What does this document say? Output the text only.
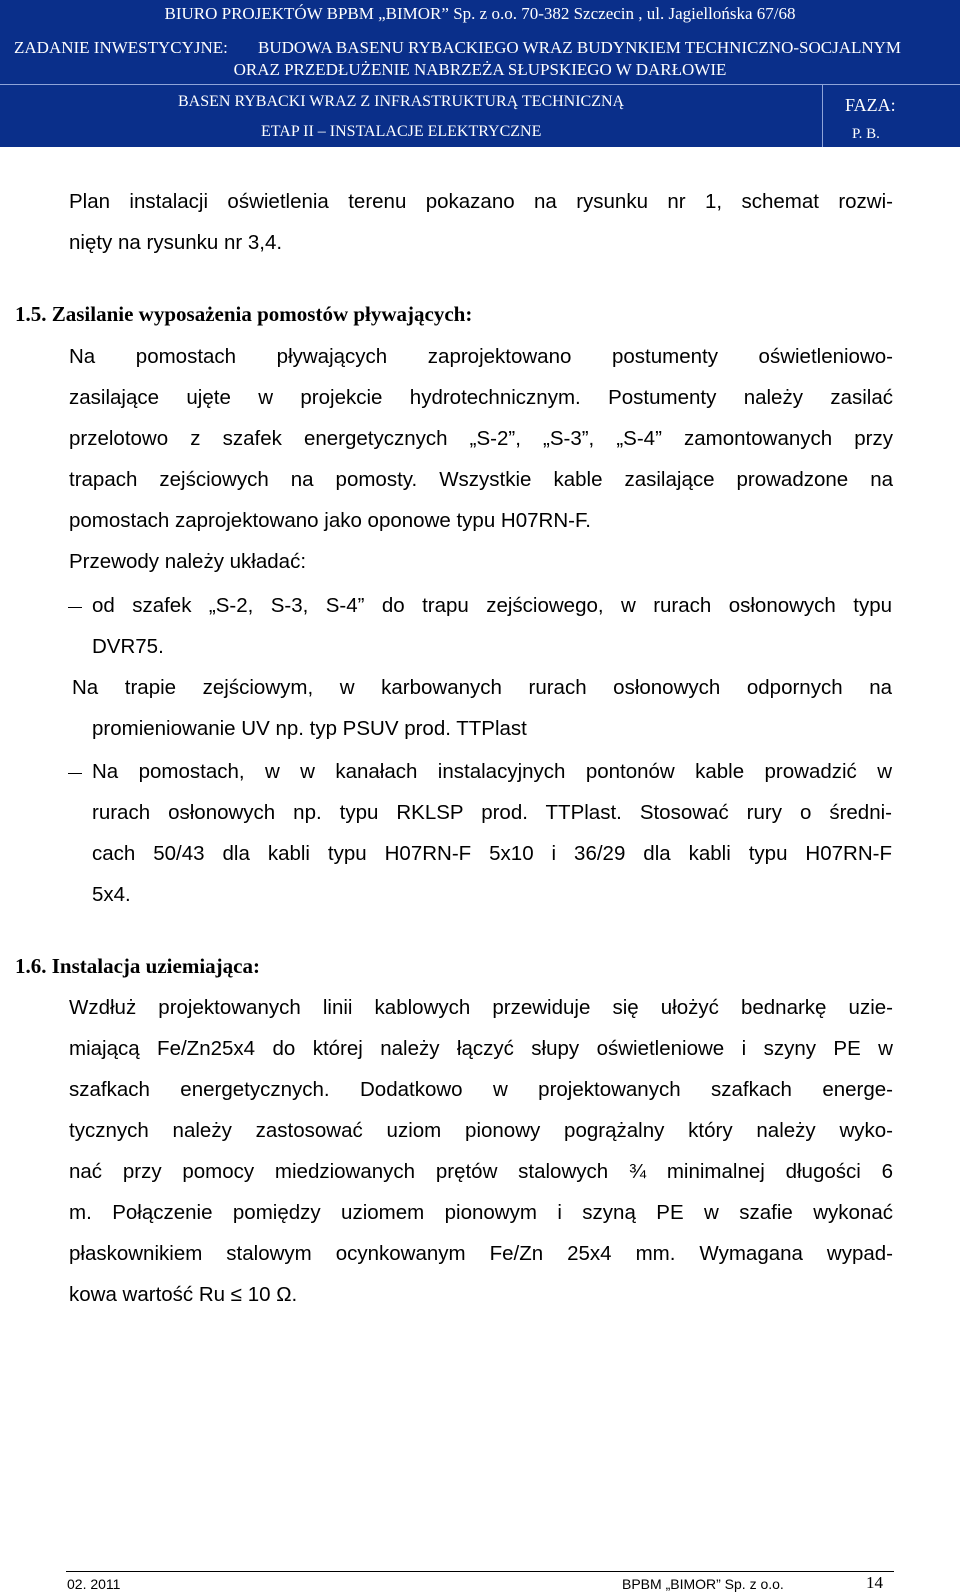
BIURO PROJEKTÓW BPBM „BIMOR” Sp. z o.o. 70-382 Szczecin , ul. Jagiellońska 67/68
ZADANIE INWESTYCYJNE: BUDOWA BASENU RYBACKIEGO WRAZ BUDYNKIEM TECHNICZNO-SOCJALNYM
ORAZ PRZEDŁUŻENIE NABRZEŻA SŁUPSKIEGO W DARŁOWIE
BASEN RYBACKI WRAZ Z INFRASTRUKTURĄ TECHNICZNĄ
ETAP II – INSTALACJE ELEKTRYCZNE
FAZA:
P. B.
Plan instalacji oświetlenia terenu pokazano na rysunku nr 1, schemat rozwi-
nięty na rysunku nr 3,4.
1.5. Zasilanie wyposażenia pomostów pływających:
Na pomostach pływających zaprojektowano postumenty oświetleniowo-
zasilające ujęte w projekcie hydrotechnicznym. Postumenty należy zasilać
przelotowo z szafek energetycznych „S-2”, „S-3”, „S-4” zamontowanych przy
trapach zejściowych na pomosty. Wszystkie kable zasilające prowadzone na
pomostach zaprojektowano jako oponowe typu H07RN-F.
Przewody należy układać:
od szafek „S-2, S-3, S-4” do trapu zejściowego, w rurach osłonowych typu
DVR75.
Na trapie zejściowym, w karbowanych rurach osłonowych odpornych na
promieniowanie UV np. typ PSUV prod. TTPlast
Na pomostach, w w kanałach instalacyjnych pontonów kable prowadzić w
rurach osłonowych np. typu RKLSP prod. TTPlast. Stosować rury o średni-
cach 50/43 dla kabli typu H07RN-F 5x10 i 36/29 dla kabli typu H07RN-F
5x4.
1.6. Instalacja uziemiająca:
Wzdłuż projektowanych linii kablowych przewiduje się ułożyć bednarkę uzie-
miającą Fe/Zn25x4 do której należy łączyć słupy oświetleniowe i szyny PE w
szafkach energetycznych. Dodatkowo w projektowanych szafkach energe-
tycznych należy zastosować uziom pionowy pogrążalny który należy wyko-
nać przy pomocy miedziowanych prętów stalowych ¾ minimalnej długości 6
m. Połączenie pomiędzy uziomem pionowym i szyną PE w szafie wykonać
płaskownikiem stalowym ocynkowanym Fe/Zn 25x4 mm. Wymagana wypad-
kowa wartość Ru ≤ 10 Ω.
02. 2011	BPBM „BIMOR” Sp. z o.o.	14
